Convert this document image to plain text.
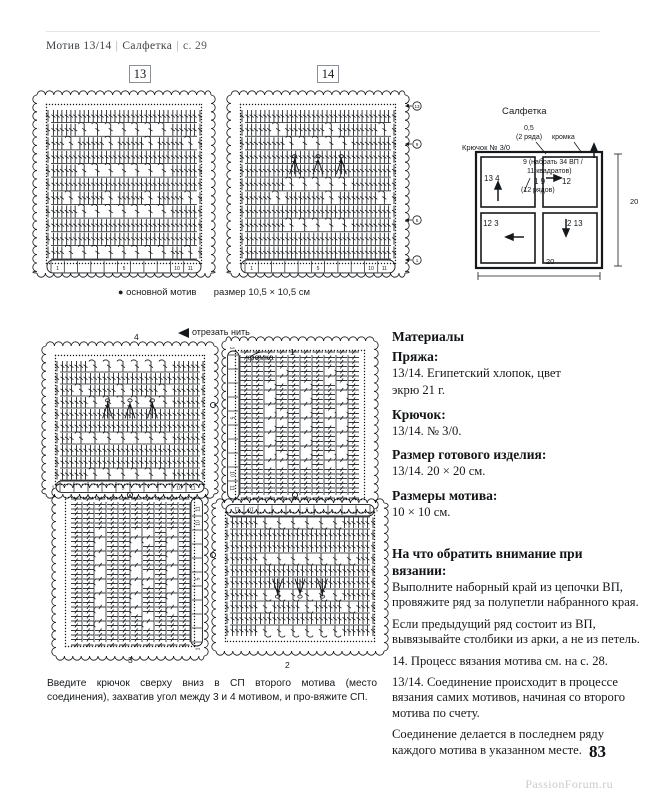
Мотив 13/14 | Салфетка | с. 29
13	14
11
10
5
1	11
10
5
1
13
9
5
1
● основной мотив размер 10,5 × 10,5 см
Салфетка
Крючок № 3/0
0,5
(2 ряда) кромка
9 (набрать 34 ВП /
11 квадратов)
(12 рядов)
20
20
13 4
12 3
1 9 12
2 13
11
10
5
1	11
10
5
1
11
10
5
1
11 10	5	1
отрезать нить
кромка
4
1
3	2
Введите крючок сверху вниз в СП второго мотива (место соединения), захватив угол между 3 и 4 мотивом, и про-вяжите СП.
Материалы
Пряжа:

13/14. Египетский хлопок, цвет

экрю 21 г.

Крючок:

13/14. № 3/0.

Размер готового изделия:

13/14. 20 × 20 см.

Размеры мотива:

10 × 10 см.

На что обратить внимание при
вязании:

Выполните наборный край из цепочки ВП, провяжите ряд за полупетли набранного края.

Если предыдущий ряд состоит из ВП, вывязывайте столбики из арки, а не из петель.

14. Процесс вязания мотива см. на с. 28.

13/14. Соединение происходит в процессе вязания самих мотивов, начиная со второго мотива по счету.

Соединение делается в последнем ряду каждого мотива в указанном месте. 83
PassionForum.ru
